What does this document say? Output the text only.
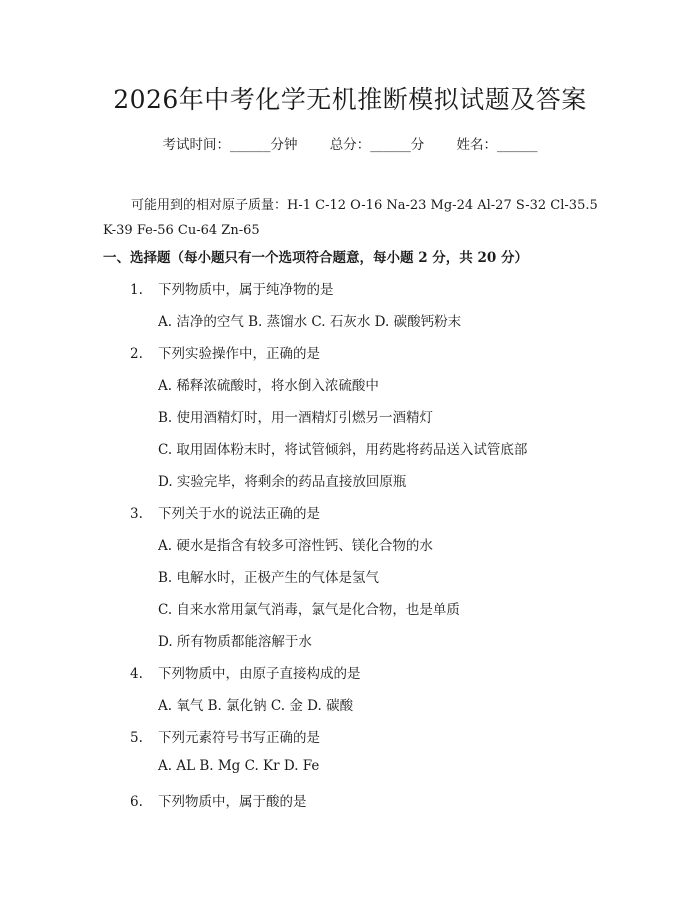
2026年中考化学无机推断模拟试题及答案
考试时间：______分钟 总分：______分 姓名：______
可能用到的相对原子质量：H-1 C-12 O-16 Na-23 Mg-24 Al-27 S-32 Cl-35.5
K-39 Fe-56 Cu-64 Zn-65
一、选择题（每小题只有一个选项符合题意，每小题 2 分，共 20 分）
1. 下列物质中，属于纯净物的是
A. 洁净的空气 B. 蒸馏水 C. 石灰水 D. 碳酸钙粉末
2. 下列实验操作中，正确的是
A. 稀释浓硫酸时，将水倒入浓硫酸中
B. 使用酒精灯时，用一酒精灯引燃另一酒精灯
C. 取用固体粉末时，将试管倾斜，用药匙将药品送入试管底部
D. 实验完毕，将剩余的药品直接放回原瓶
3. 下列关于水的说法正确的是
A. 硬水是指含有较多可溶性钙、镁化合物的水
B. 电解水时，正极产生的气体是氢气
C. 自来水常用氯气消毒，氯气是化合物，也是单质
D. 所有物质都能溶解于水
4. 下列物质中，由原子直接构成的是
A. 氧气 B. 氯化钠 C. 金 D. 碳酸
5. 下列元素符号书写正确的是
A. AL B. Mg C. Kr D. Fe
6. 下列物质中，属于酸的是
